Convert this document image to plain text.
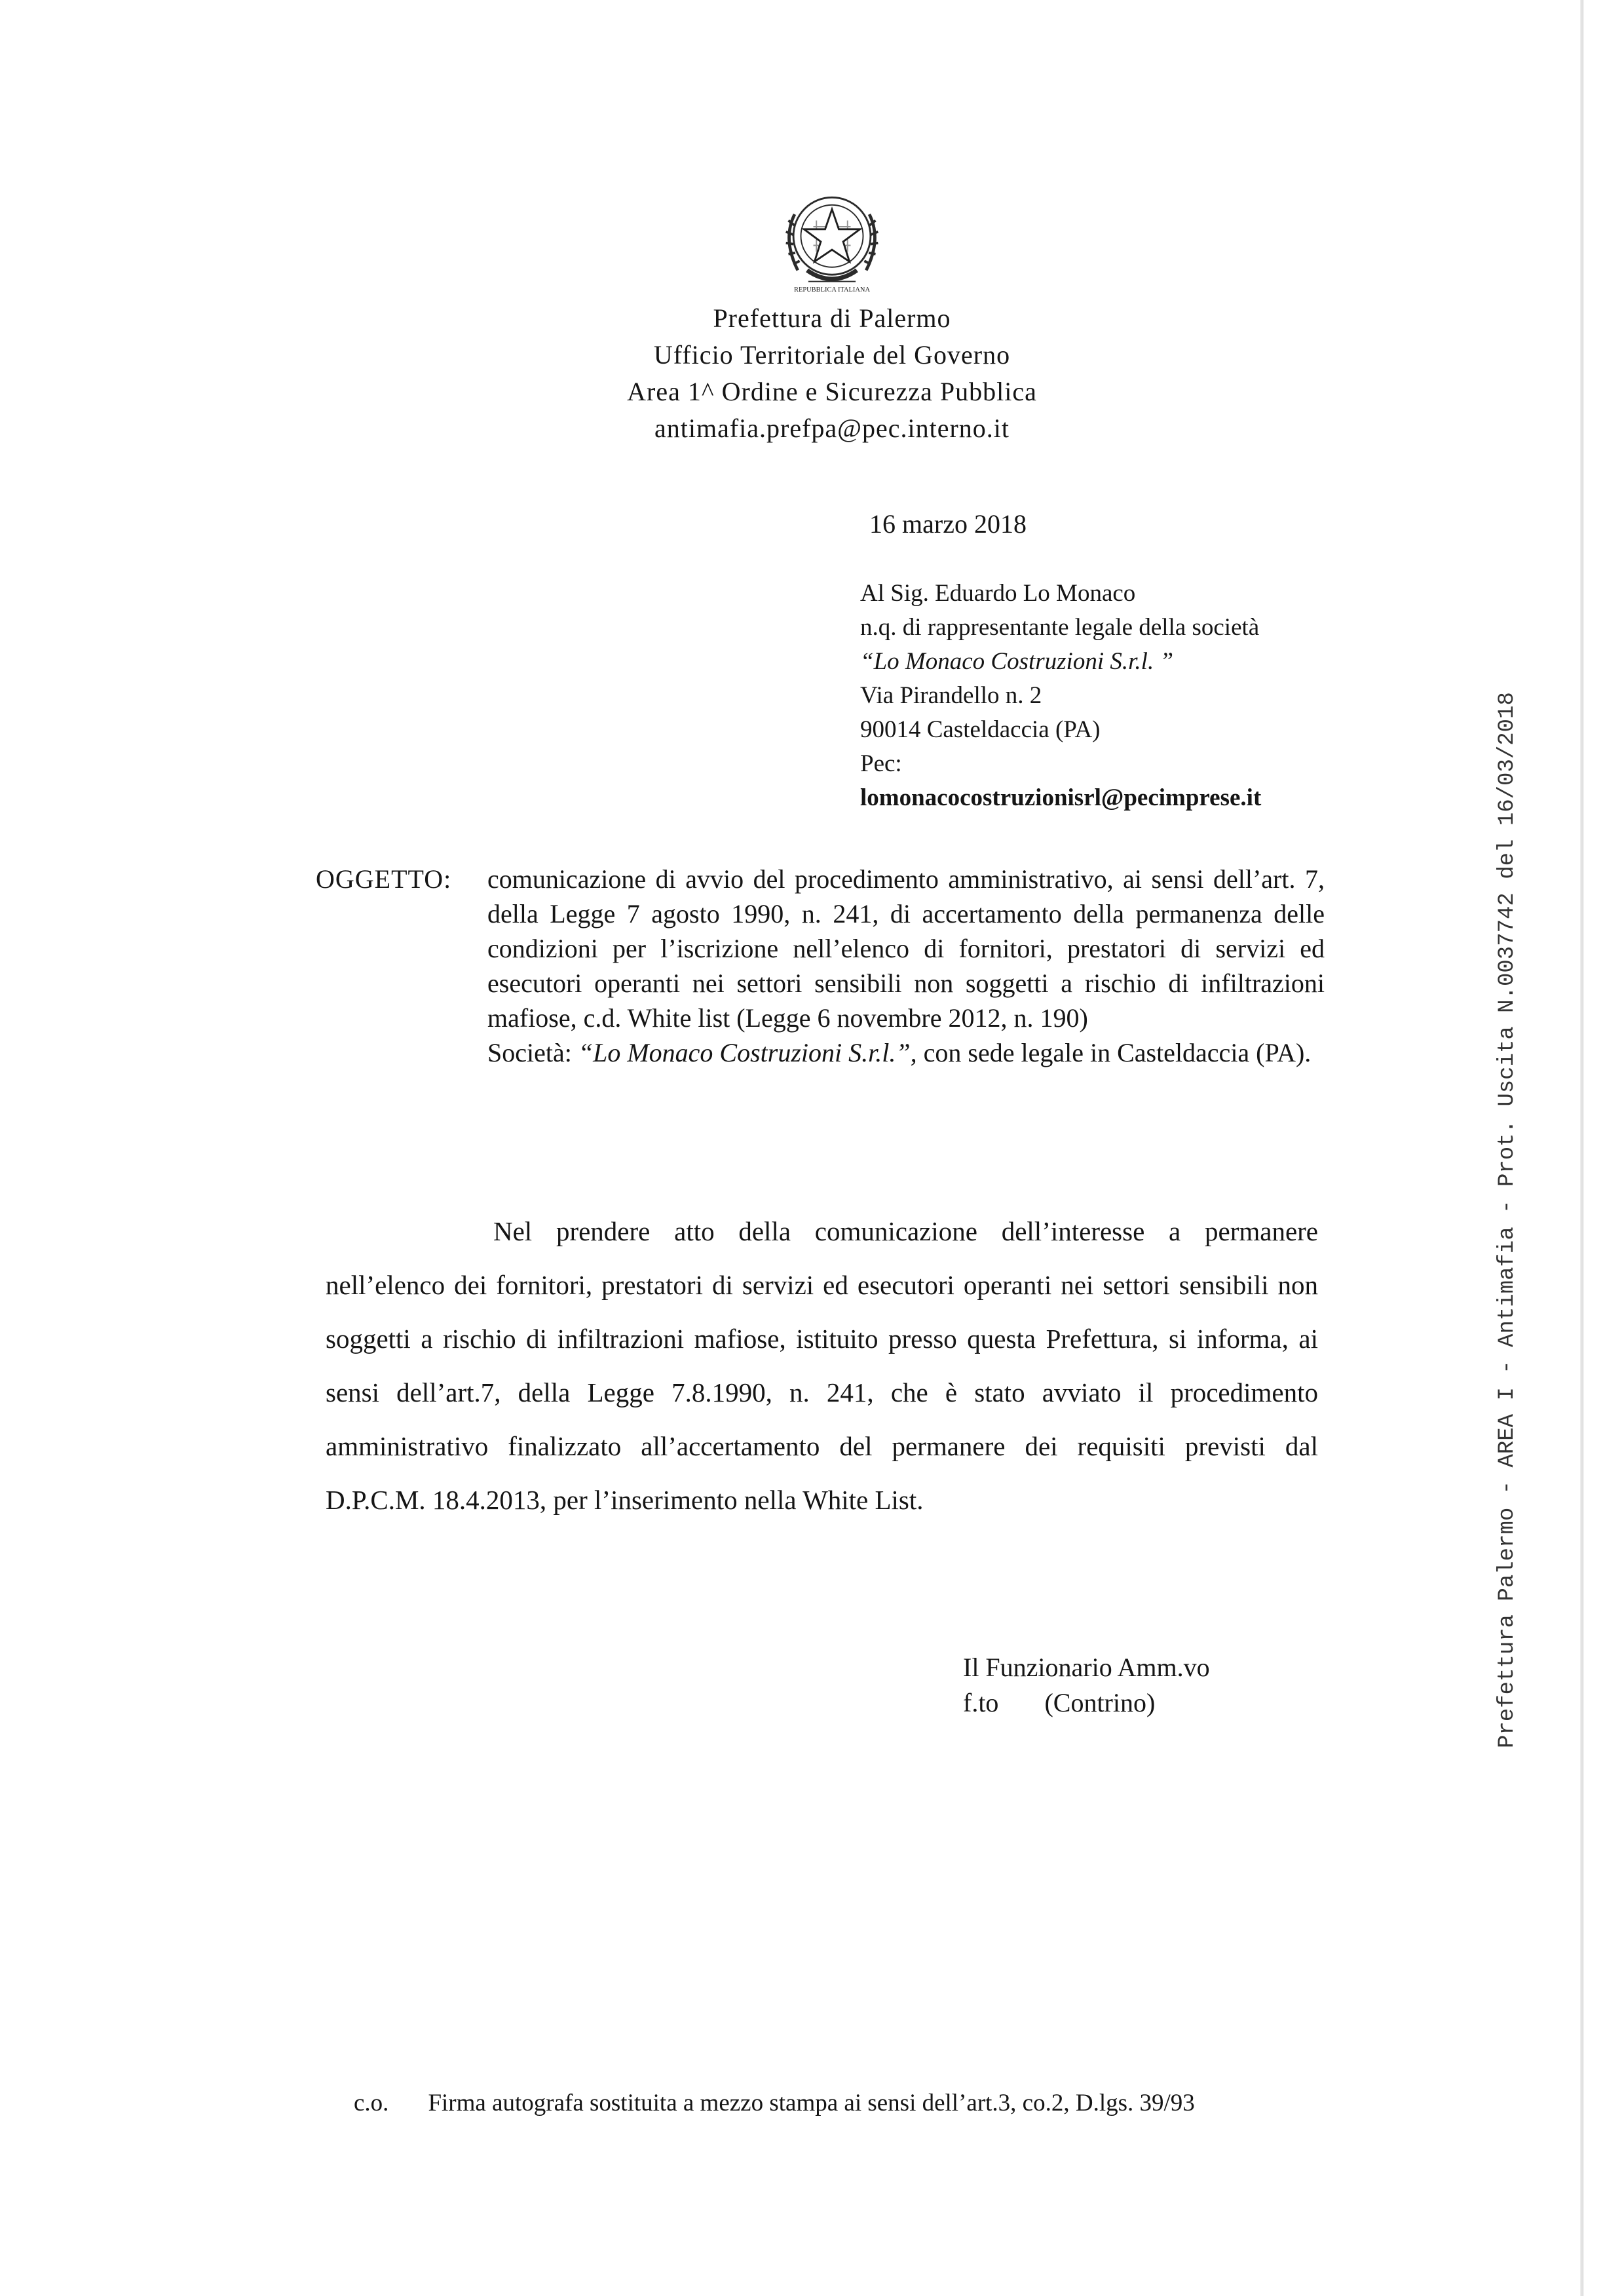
REPUBBLICA ITALIANA
Prefettura di Palermo
Ufficio Territoriale del Governo
Area 1^ Ordine e Sicurezza Pubblica
antimafia.prefpa@pec.interno.it
16 marzo 2018
Al Sig. Eduardo Lo Monaco
n.q. di rappresentante legale della società
“Lo Monaco Costruzioni S.r.l. ”
Via Pirandello n. 2
90014 Casteldaccia (PA)
Pec:
lomonacocostruzionisrl@pecimprese.it
OGGETTO: comunicazione di avvio del procedimento amministrativo, ai sensi dell’art. 7, della Legge 7 agosto 1990, n. 241, di accertamento della permanenza delle condizioni per l’iscrizione nell’elenco di fornitori, prestatori di servizi ed esecutori operanti nei settori sensibili non soggetti a rischio di infiltrazioni mafiose, c.d. White list (Legge 6 novembre 2012, n. 190)
Società: “Lo Monaco Costruzioni S.r.l.”, con sede legale in Casteldaccia (PA).

Nel prendere atto della comunicazione dell’interesse a permanere nell’elenco dei fornitori, prestatori di servizi ed esecutori operanti nei settori sensibili non soggetti a rischio di infiltrazioni mafiose, istituito presso questa Prefettura, si informa, ai sensi dell’art.7, della Legge 7.8.1990, n. 241, che è stato avviato il procedimento amministrativo finalizzato all’accertamento del permanere dei requisiti previsti dal D.P.C.M. 18.4.2013, per l’inserimento nella White List.

Il Funzionario Amm.vo
f.to (Contrino)
c.o. Firma autografa sostituita a mezzo stampa ai sensi dell’art.3, co.2, D.lgs. 39/93
Prefettura Palermo - AREA I - Antimafia - Prot. Uscita N.0037742 del 16/03/2018
